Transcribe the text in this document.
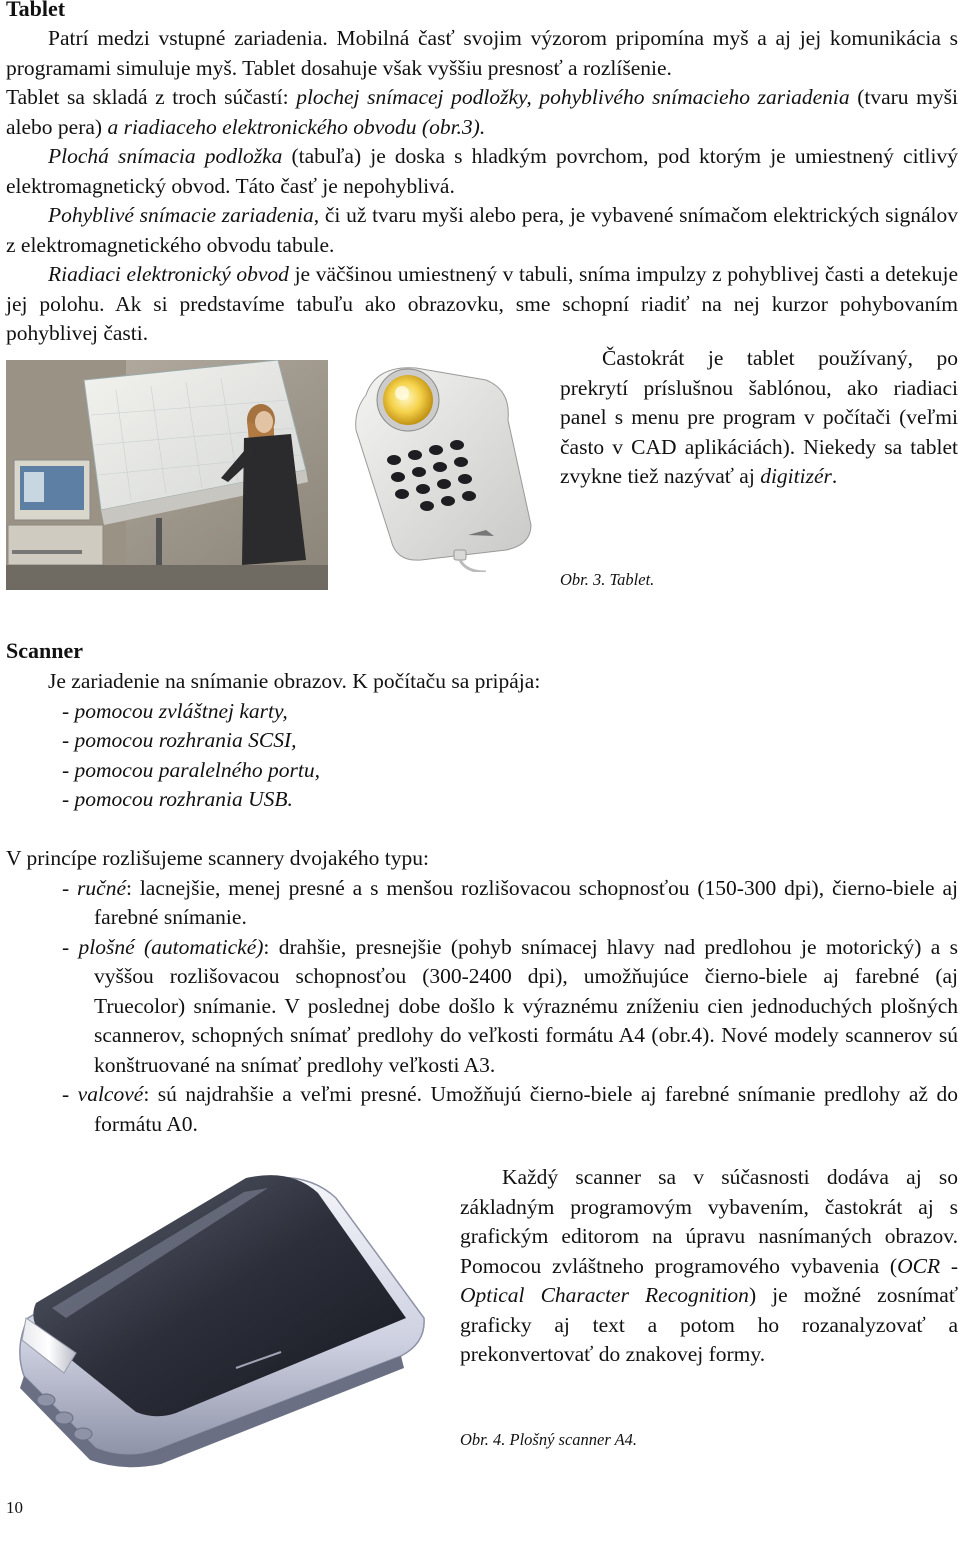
Tablet

Patrí medzi vstupné zariadenia. Mobilná časť svojim výzorom pripomína myš a aj jej komunikácia s programami simuluje myš. Tablet dosahuje však vyššiu presnosť a rozlíšenie.

Tablet sa skladá z troch súčastí: plochej snímacej podložky, pohyblivého snímacieho zariadenia (tvaru myši alebo pera) a riadiaceho elektronického obvodu (obr.3).

Plochá snímacia podložka (tabuľa) je doska s hladkým povrchom, pod ktorým je umiestnený citlivý elektromagnetický obvod. Táto časť je nepohyblivá.

Pohyblivé snímacie zariadenia, či už tvaru myši alebo pera, je vybavené snímačom elektrických signálov z elektromagnetického obvodu tabule.

Riadiaci elektronický obvod je väčšinou umiestnený v tabuli, sníma impulzy z pohyblivej časti a detekuje jej polohu. Ak si predstavíme tabuľu ako obrazovku, sme schopní riadiť na nej kurzor pohybovaním pohyblivej časti.

Častokrát je tablet používaný, po prekrytí príslušnou šablónou, ako riadiaci panel s menu pre program v počítači (veľmi často v CAD aplikáciách). Niekedy sa tablet zvykne tiež nazývať aj digitizér.
Obr. 3. Tablet.
Scanner

Je zariadenie na snímanie obrazov. K počítaču sa pripája:

- pomocou zvláštnej karty,
- pomocou rozhrania SCSI,
- pomocou paralelného portu,
- pomocou rozhrania USB.

V princípe rozlišujeme scannery dvojakého typu:

- ručné: lacnejšie, menej presné a s menšou rozlišovacou schopnosťou (150-300 dpi), čierno-biele aj farebné snímanie.
- plošné (automatické): drahšie, presnejšie (pohyb snímacej hlavy nad predlohou je motorický) a s vyššou rozlišovacou schopnosťou (300-2400 dpi), umožňujúce čierno-biele aj farebné (aj Truecolor) snímanie. V poslednej dobe došlo k výraznému zníženiu cien jednoduchých plošných scannerov, schopných snímať predlohy do veľkosti formátu A4 (obr.4). Nové modely scannerov sú konštruované na snímať predlohy veľkosti A3.
- valcové: sú najdrahšie a veľmi presné. Umožňujú čierno-biele aj farebné snímanie predlohy až do formátu A0.
Každý scanner sa v súčasnosti dodáva aj so základným programovým vybavením, častokrát aj s grafickým editorom na úpravu nasnímaných obrazov. Pomocou zvláštneho programového vybavenia (OCR - Optical Character Recognition) je možné zosnímať graficky aj text a potom ho rozanalyzovať a prekonvertovať do znakovej formy.
Obr. 4. Plošný scanner A4.
10
